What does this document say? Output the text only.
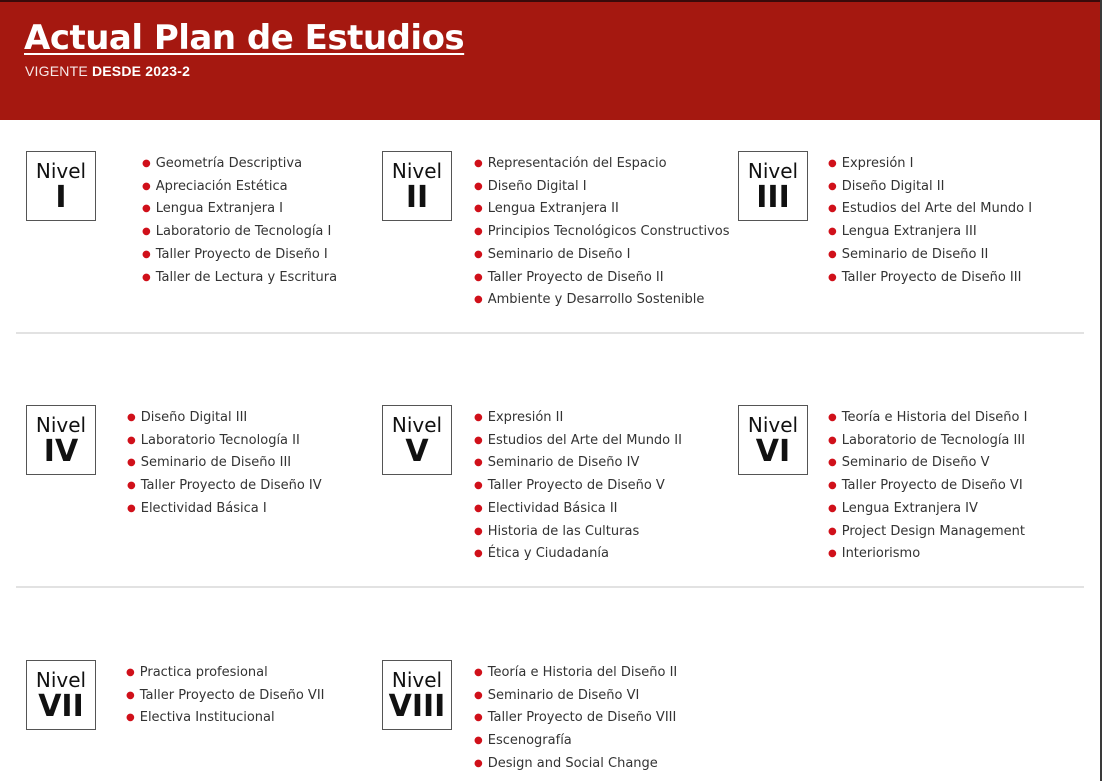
Actual Plan de Estudios
VIGENTE DESDE 2023-2
Nivel
I
● Geometría Descriptiva
● Apreciación Estética
● Lengua Extranjera I
● Laboratorio de Tecnología I
● Taller Proyecto de Diseño I
● Taller de Lectura y Escritura
Nivel
II
● Representación del Espacio
● Diseño Digital I
● Lengua Extranjera II
● Principios Tecnológicos Constructivos
● Seminario de Diseño I
● Taller Proyecto de Diseño II
● Ambiente y Desarrollo Sostenible
Nivel
III
● Expresión I
● Diseño Digital II
● Estudios del Arte del Mundo I
● Lengua Extranjera III
● Seminario de Diseño II
● Taller Proyecto de Diseño III
Nivel
IV
● Diseño Digital III
● Laboratorio Tecnología II
● Seminario de Diseño III
● Taller Proyecto de Diseño IV
● Electividad Básica I
Nivel
V
● Expresión II
● Estudios del Arte del Mundo II
● Seminario de Diseño IV
● Taller Proyecto de Diseño V
● Electividad Básica II
● Historia de las Culturas
● Ética y Ciudadanía
Nivel
VI
● Teoría e Historia del Diseño I
● Laboratorio de Tecnología III
● Seminario de Diseño V
● Taller Proyecto de Diseño VI
● Lengua Extranjera IV
● Project Design Management
● Interiorismo
Nivel
VII
● Practica profesional
● Taller Proyecto de Diseño VII
● Electiva Institucional
Nivel
VIII
● Teoría e Historia del Diseño II
● Seminario de Diseño VI
● Taller Proyecto de Diseño VIII
● Escenografía
● Design and Social Change
